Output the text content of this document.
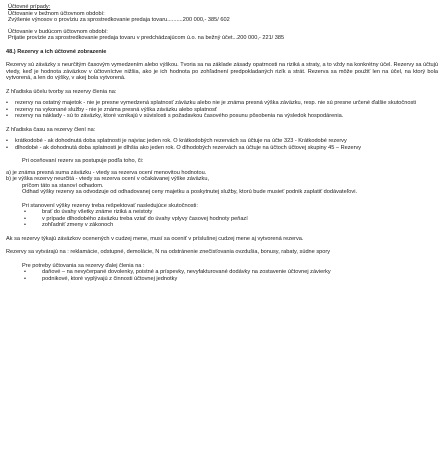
Účtovné prípady:
Účtovanie v bežnom účtovnom období:
Zvýšenie výnosov o províziu za sprostredkovanie predaja tovaru..........200 000,- 385/ 602
Účtovanie v budúcom účtovnom období:
Prijatie provízie za sprostredkovanie predaja tovaru v predchádzajúcom ú.o. na bežný účet...200 000,- 221/ 385
48.) Rezervy a ich účtovné zobrazenie
Rezervy sú záväzky s neurčitým časovým vymedzením alebo výškou. Tvoria sa na základe zásady opatrnosti na riziká a straty, a to vždy na konkrétny účel. Rezervy sa účtujú vtedy, keď je hodnota záväzkov v účtovníctve nižšia, ako je ich hodnota po zohľadnení predpokladaných rizík a strát. Rezerva sa môže použiť len na účel, na ktorý bola vytvorená, a len do výšky, v akej bola vytvorená.
Z hľadiska účelu tvorby sa rezervy členia na:
•	rezervy na ostatný majetok - nie je presne vymedzená splatnosť záväzku alebo nie je známa presná výška záväzku, resp. nie sú presne určené ďalšie skutočnosti
•	rezervy na vykonané služby - nie je známa presná výška záväzku alebo splatnosť
•	rezervy na náklady - sú to záväzky, ktoré vznikajú v súvislosti s požadavkou časového posunu pôsobenia na výsledok hospodárenia.
Z hľadiska času sa rezervy člení na:
•	krátkodobé - ak dohodnutá doba splatnosti je najviac jeden rok. O krátkodobých rezervách sa účtuje na účte 323 - Krátkodobé rezervy
•	dlhodobé - ak dohodnutá doba splatnosti je dlhšia ako jeden rok. O dlhodobých rezervách sa účtuje na účtoch účtovej skupiny 45 – Rezervy
Pri oceňovaní rezerv sa postupuje podľa toho, či:
a) je známa presná suma záväzku - vtedy sa rezerva ocení menovitou hodnotou.
b) je výška rezervy neurčitá - vtedy sa rezerva ocení v očakávanej výške záväzku,
príčom táto sa stanoví odhadom.
Odhad výšky rezervy sa odvodzuje od odhadovanej ceny majetku a poskytnutej služby, ktorú bude musieť podnik zaplatiť dodávateľovi.
Pri stanovení výšky rezervy treba rešpektovať nasledujúce skutočnosti:
•	brať do úvahy všetky známe riziká a neistoty
•	v prípade dlhodobého záväzku treba vziať do úvahy vplyvy časovej hodnoty peňazí
•	zohľadniť zmeny v zákonoch
Ak sa rezervy týkajú záväzkov ocenených v cudzej mene, musí sa oceniť v príslušnej cudzej mene aj vytvorená rezerva.
Rezervy sa vytvárajú na : reklamácie, odstupné, demolácie, N na odstránenie znečisťovania ovzdušia, bonusy, rabaty, súdne spory
Pre potreby účtovania sa rezervy ďalej členia na :
•	daňové – na nevyčerpané dovolenky, poistné a príspevky, nevyfakturované dodávky na zostavenie účtovnej závierky
•	podnikové, ktoré vyplývajú z činnosti účtovnej jednotky
